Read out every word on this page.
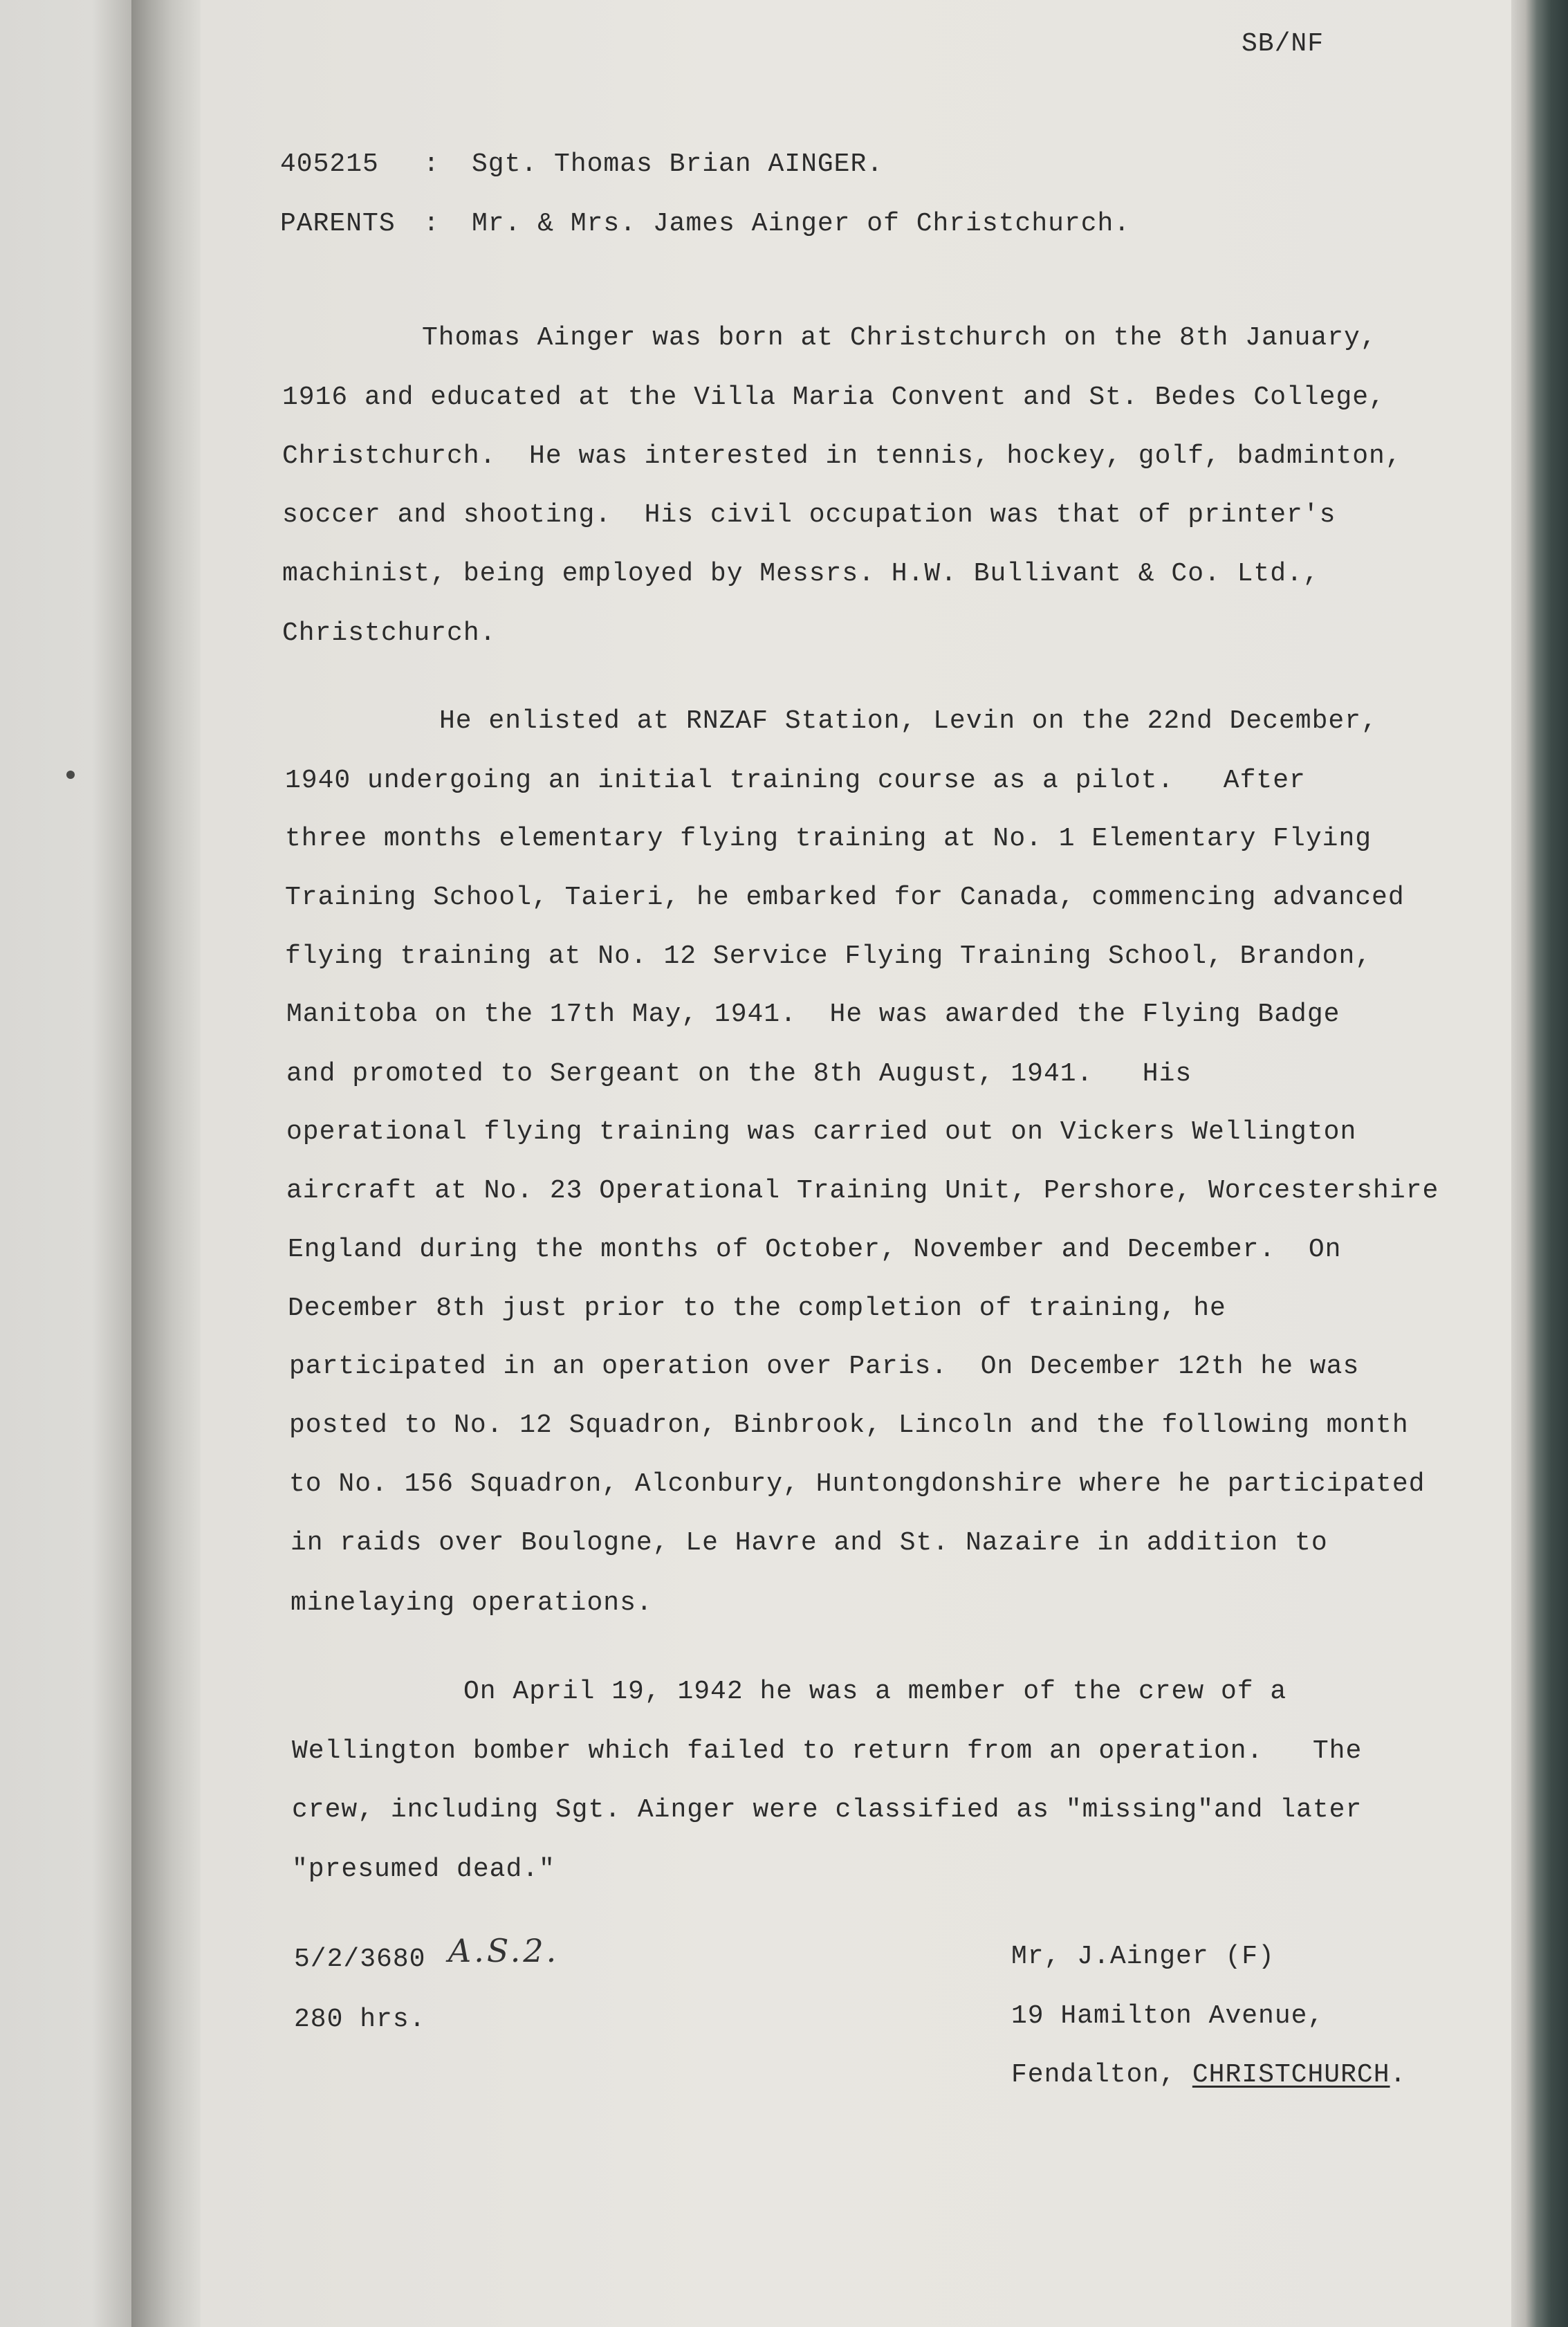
SB/NF
405215 : Sgt. Thomas Brian AINGER.
PARENTS : Mr. & Mrs. James Ainger of Christchurch.
Thomas Ainger was born at Christchurch on the 8th January,
1916 and educated at the Villa Maria Convent and St. Bedes College,
Christchurch.  He was interested in tennis, hockey, golf, badminton,
soccer and shooting.  His civil occupation was that of printer's
machinist, being employed by Messrs. H.W. Bullivant & Co. Ltd.,
Christchurch.
He enlisted at RNZAF Station, Levin on the 22nd December,
1940 undergoing an initial training course as a pilot.   After
three months elementary flying training at No. 1 Elementary Flying
Training School, Taieri, he embarked for Canada, commencing advanced
flying training at No. 12 Service Flying Training School, Brandon,
Manitoba on the 17th May, 1941.  He was awarded the Flying Badge
and promoted to Sergeant on the 8th August, 1941.   His
operational flying training was carried out on Vickers Wellington
aircraft at No. 23 Operational Training Unit, Pershore, Worcestershire
England during the months of October, November and December.  On
December 8th just prior to the completion of training, he
participated in an operation over Paris.  On December 12th he was
posted to No. 12 Squadron, Binbrook, Lincoln and the following month
to No. 156 Squadron, Alconbury, Huntongdonshire where he participated
in raids over Boulogne, Le Havre and St. Nazaire in addition to
minelaying operations.
On April 19, 1942 he was a member of the crew of a
Wellington bomber which failed to return from an operation.   The
crew, including Sgt. Ainger were classified as "missing"and later
"presumed dead."
5/2/3680 A.S.2.
280 hrs.
Mr, J.Ainger (F)
19 Hamilton Avenue,
Fendalton, CHRISTCHURCH.
